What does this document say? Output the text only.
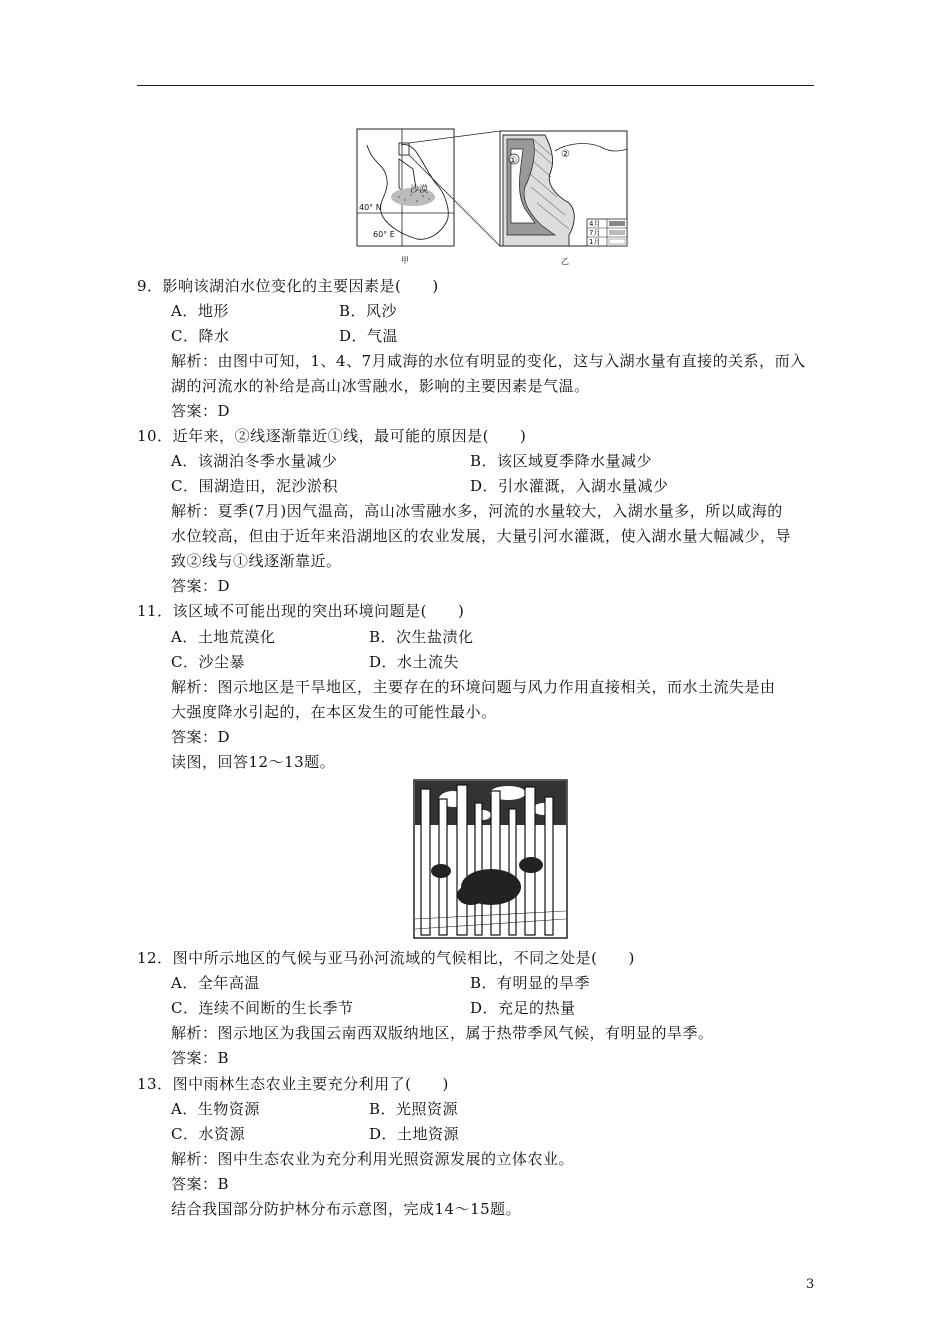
沙漠
40° N
60° E
甲
①
②
4月
7月
1月
乙
9．影响该湖泊水位变化的主要因素是(　　)
A．地形	B．风沙
C．降水	D．气温
解析：由图中可知，1、4、7月咸海的水位有明显的变化，这与入湖水量有直接的关系，而入
湖的河流水的补给是高山冰雪融水，影响的主要因素是气温。
答案：D
10．近年来，②线逐渐靠近①线，最可能的原因是(　　)
A．该湖泊冬季水量减少	B．该区域夏季降水量减少
C．围湖造田，泥沙淤积	D．引水灌溉，入湖水量减少
解析：夏季(7月)因气温高，高山冰雪融水多，河流的水量较大，入湖水量多，所以咸海的
水位较高，但由于近年来沿湖地区的农业发展，大量引河水灌溉，使入湖水量大幅减少，导
致②线与①线逐渐靠近。
答案：D
11．该区域不可能出现的突出环境问题是(　　)
A．土地荒漠化	B．次生盐渍化
C．沙尘暴	D．水土流失
解析：图示地区是干旱地区，主要存在的环境问题与风力作用直接相关，而水土流失是由
大强度降水引起的，在本区发生的可能性最小。
答案：D
读图，回答12～13题。
12．图中所示地区的气候与亚马孙河流域的气候相比，不同之处是(　　)
A．全年高温	B．有明显的旱季
C．连续不间断的生长季节	D．充足的热量
解析：图示地区为我国云南西双版纳地区，属于热带季风气候，有明显的旱季。
答案：B
13．图中雨林生态农业主要充分利用了(　　)
A．生物资源	B．光照资源
C．水资源	D．土地资源
解析：图中生态农业为充分利用光照资源发展的立体农业。
答案：B
结合我国部分防护林分布示意图，完成14～15题。
3
